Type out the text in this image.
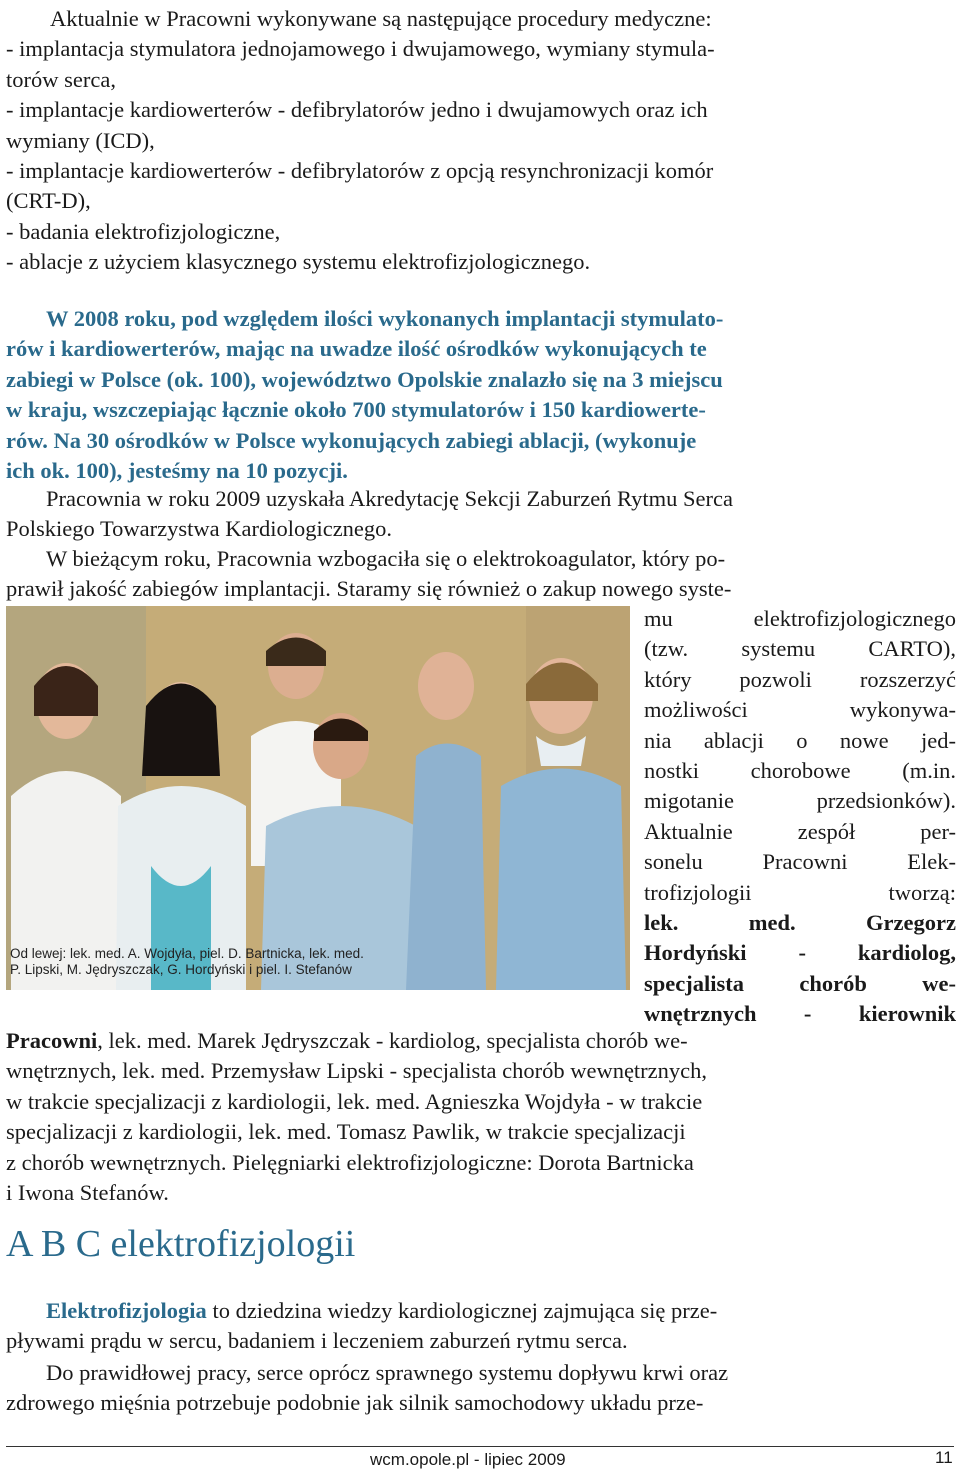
Aktualnie w Pracowni wykonywane są następujące procedury medyczne:
- implantacja stymulatora jednojamowego i dwujamowego, wymiany stymula-
torów serca,
- implantacje kardiowerterów - defibrylatorów jedno i dwujamowych oraz ich
wymiany (ICD),
- implantacje kardiowerterów - defibrylatorów z opcją resynchronizacji komór
(CRT-D),
- badania elektrofizjologiczne,
- ablacje z użyciem klasycznego systemu elektrofizjologicznego.
W 2008 roku, pod względem ilości wykonanych implantacji stymulato-
rów i kardiowerterów, mając na uwadze ilość ośrodków wykonujących te
zabiegi w Polsce (ok. 100), województwo Opolskie znalazło się na 3 miejscu
w kraju, wszczepiając łącznie około 700 stymulatorów i 150 kardiowerte-
rów. Na 30 ośrodków w Polsce wykonujących zabiegi ablacji, (wykonuje
ich ok. 100), jesteśmy na 10 pozycji.
Pracownia w roku 2009 uzyskała Akredytację Sekcji Zaburzeń Rytmu Serca
Polskiego Towarzystwa Kardiologicznego.
W bieżącym roku, Pracownia wzbogaciła się o elektrokoagulator, który po-
prawił jakość zabiegów implantacji. Staramy się również o zakup nowego syste-
Od lewej: lek. med. A. Wojdyła, piel. D. Bartnicka, lek. med.
P. Lipski, M. Jędryszczak, G. Hordyński i piel. I. Stefanów
mu elektrofizjologicznego
(tzw. systemu CARTO),
który pozwoli rozszerzyć
możliwości wykonywa-
nia ablacji o nowe jed-
nostki chorobowe (m.in.
migotanie przedsionków).
Aktualnie zespół per-
sonelu Pracowni Elek-
trofizjologii tworzą:
lek. med. Grzegorz
Hordyński - kardiolog,
specjalista chorób we-
wnętrznych - kierownik
Pracowni, lek. med. Marek Jędryszczak - kardiolog, specjalista chorób we-
wnętrznych, lek. med. Przemysław Lipski - specjalista chorób wewnętrznych,
w trakcie specjalizacji z kardiologii, lek. med. Agnieszka Wojdyła - w trakcie
specjalizacji z kardiologii, lek. med. Tomasz Pawlik, w trakcie specjalizacji
z chorób wewnętrznych. Pielęgniarki elektrofizjologiczne: Dorota Bartnicka
i Iwona Stefanów.
A B C elektrofizjologii
Elektrofizjologia to dziedzina wiedzy kardiologicznej zajmująca się prze-
pływami prądu w sercu, badaniem i leczeniem zaburzeń rytmu serca.
Do prawidłowej pracy, serce oprócz sprawnego systemu dopływu krwi oraz
zdrowego mięśnia potrzebuje podobnie jak silnik samochodowy układu prze-
wcm.opole.pl - lipiec 2009	11
